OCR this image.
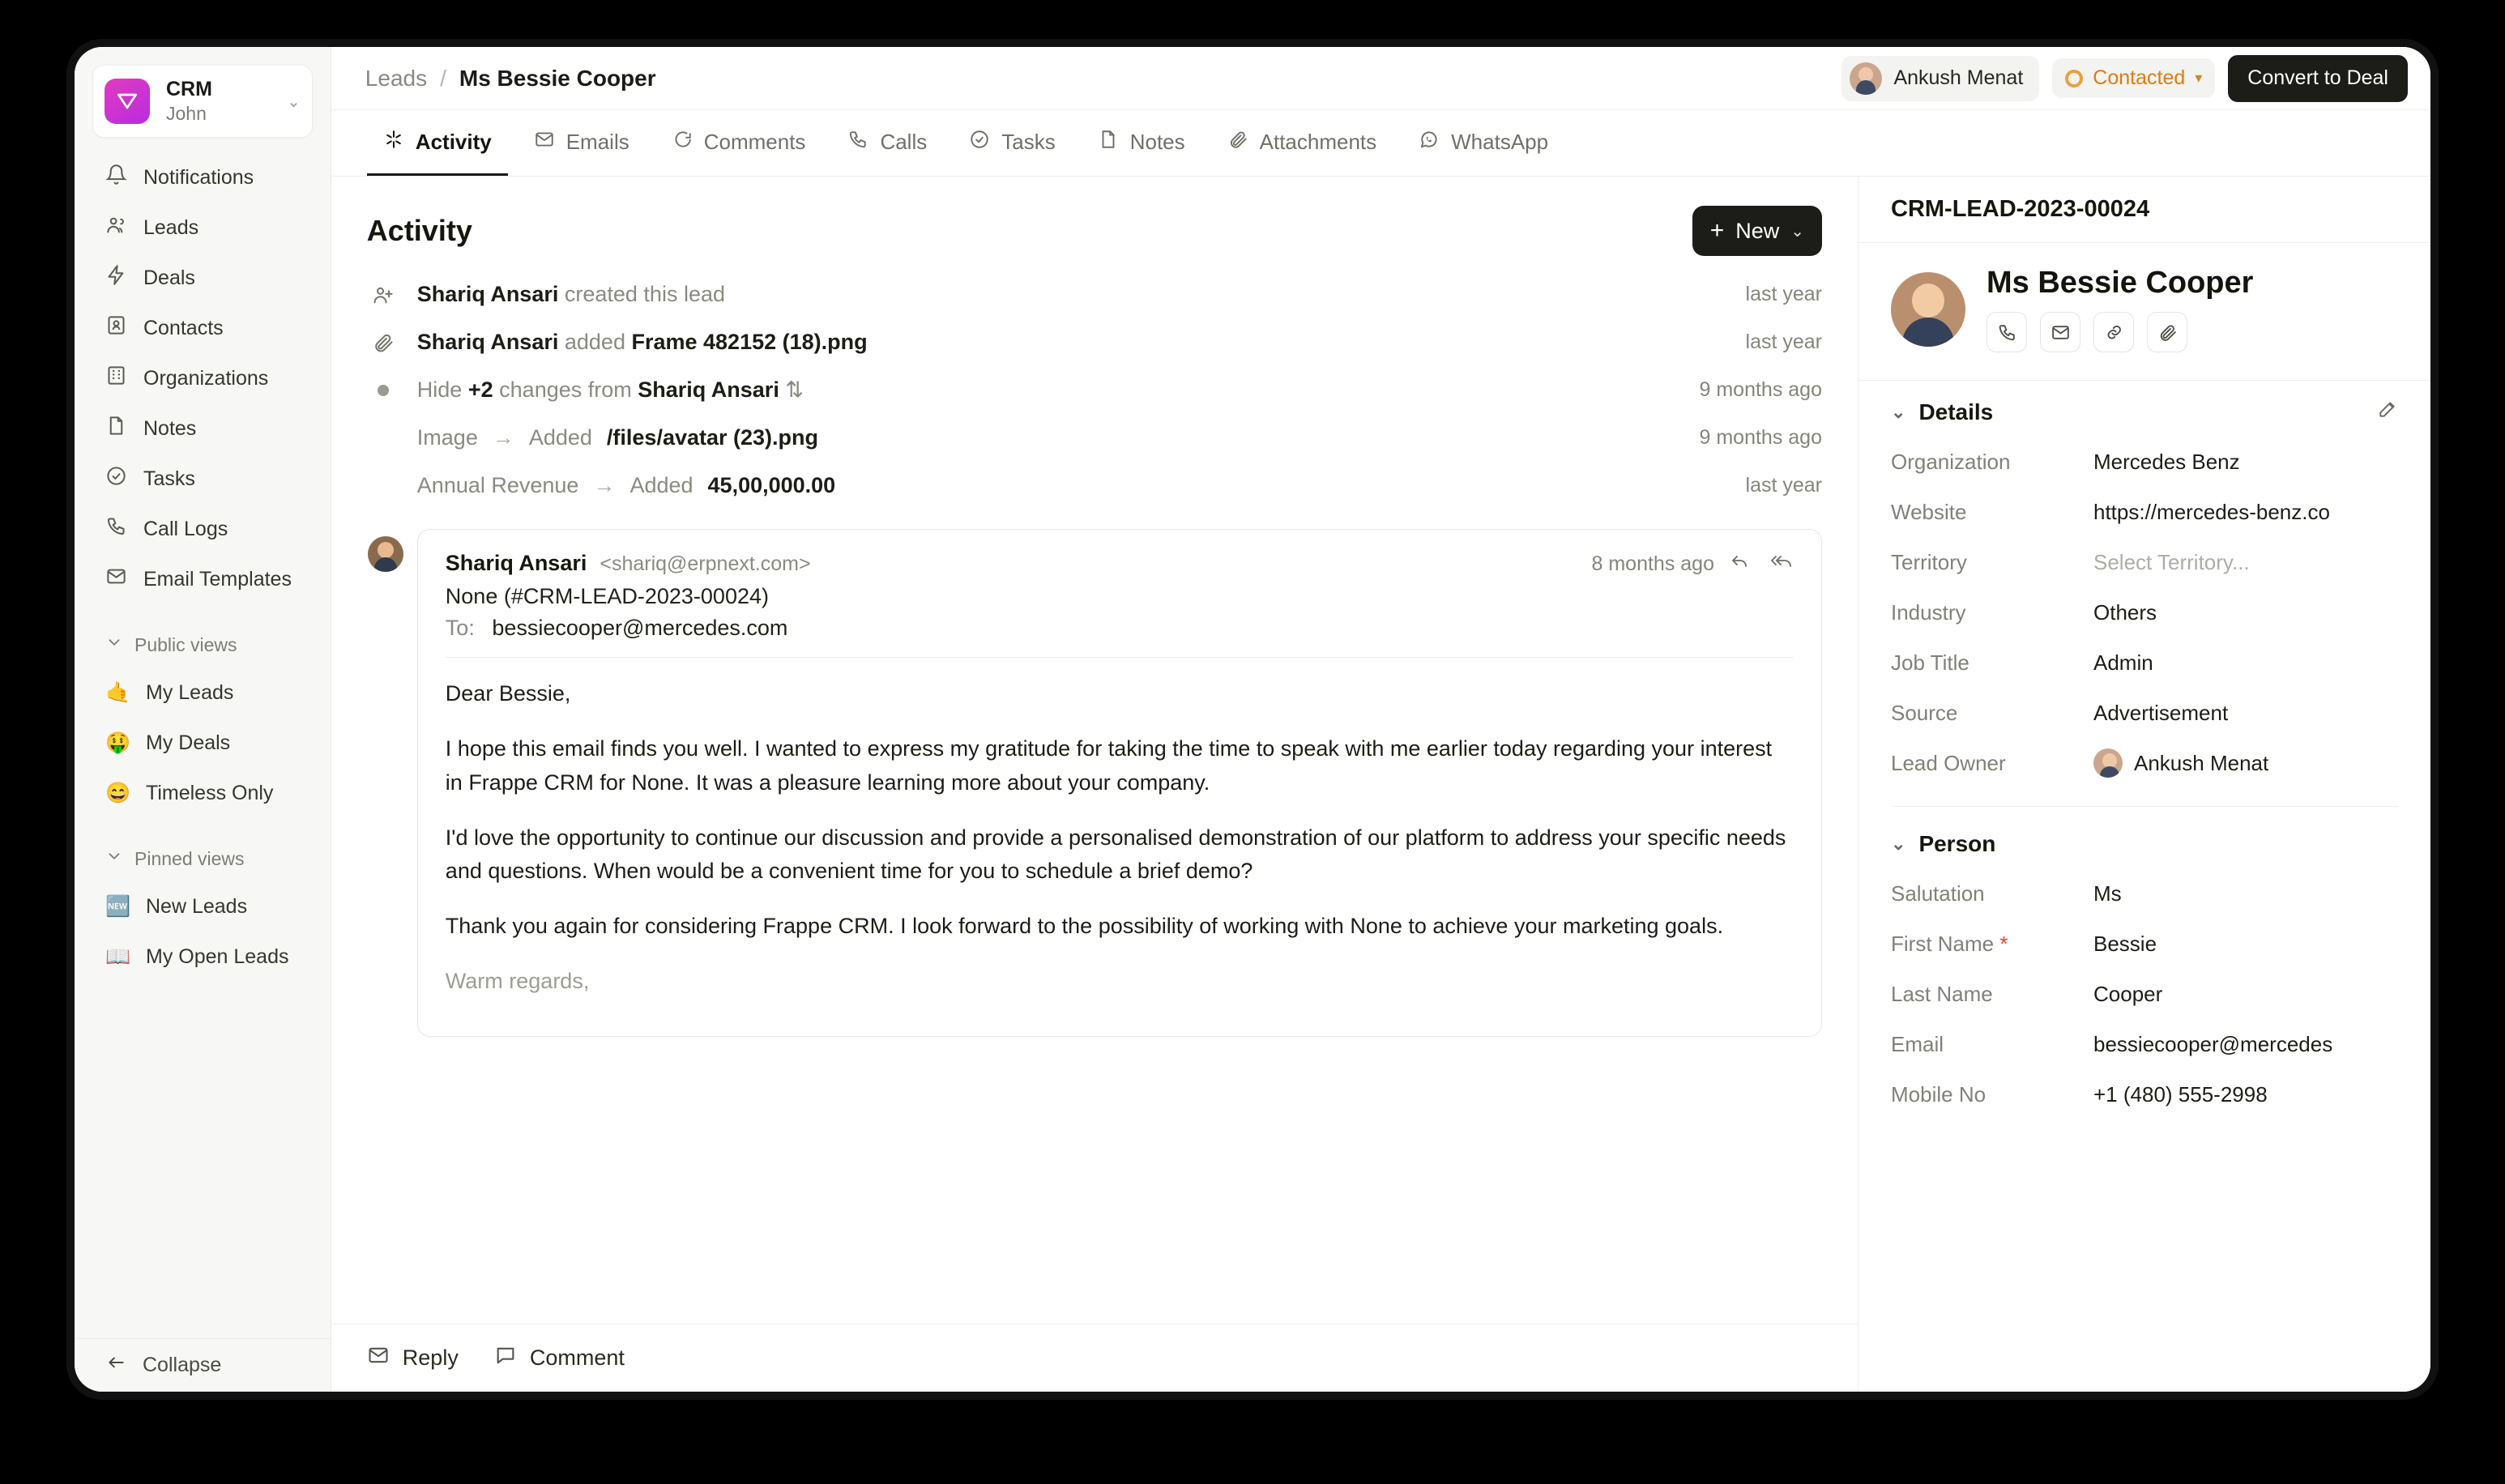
CRM
John
⌄
Notifications
Leads
Deals
Contacts
Organizations
Notes
Tasks
Call Logs
Email Templates
Public views
🤙 My Leads
🤑 My Deals
😄 Timeless Only
Pinned views
🆕 New Leads
📖 My Open Leads
Collapse
Leads / Ms Bessie Cooper	Ankush Menat	Contacted ▾	Convert to Deal
Activity	Emails	Comments	Calls	Tasks	Notes	Attachments	WhatsApp
Activity	+ New ⌄
Shariq Ansari created this lead	last year
Shariq Ansari added Frame 482152 (18).png	last year
Hide +2 changes from Shariq Ansari ⇅	9 months ago
Image → Added /files/avatar (23).png	9 months ago
Annual Revenue → Added 45,00,000.00	last year
Shariq Ansari <shariq@erpnext.com>	8 months ago
None (#CRM-LEAD-2023-00024)
To: bessiecooper@mercedes.com

Dear Bessie,

I hope this email finds you well. I wanted to express my gratitude for taking the time to speak with me earlier today regarding your interest in Frappe CRM for None. It was a pleasure learning more about your company.

I'd love the opportunity to continue our discussion and provide a personalised demonstration of our platform to address your specific needs and questions. When would be a convenient time for you to schedule a brief demo?

Thank you again for considering Frappe CRM. I look forward to the possibility of working with None to achieve your marketing goals.

Warm regards,

Reply	Comment
CRM-LEAD-2023-00024
Ms Bessie Cooper
⌄ Details
Organization	Mercedes Benz
Website	https://mercedes-benz.co
Territory	Select Territory...
Industry	Others
Job Title	Admin
Source	Advertisement
Lead Owner	Ankush Menat
⌄ Person
Salutation	Ms
First Name *	Bessie
Last Name	Cooper
Email	bessiecooper@mercedes
Mobile No	+1 (480) 555-2998
